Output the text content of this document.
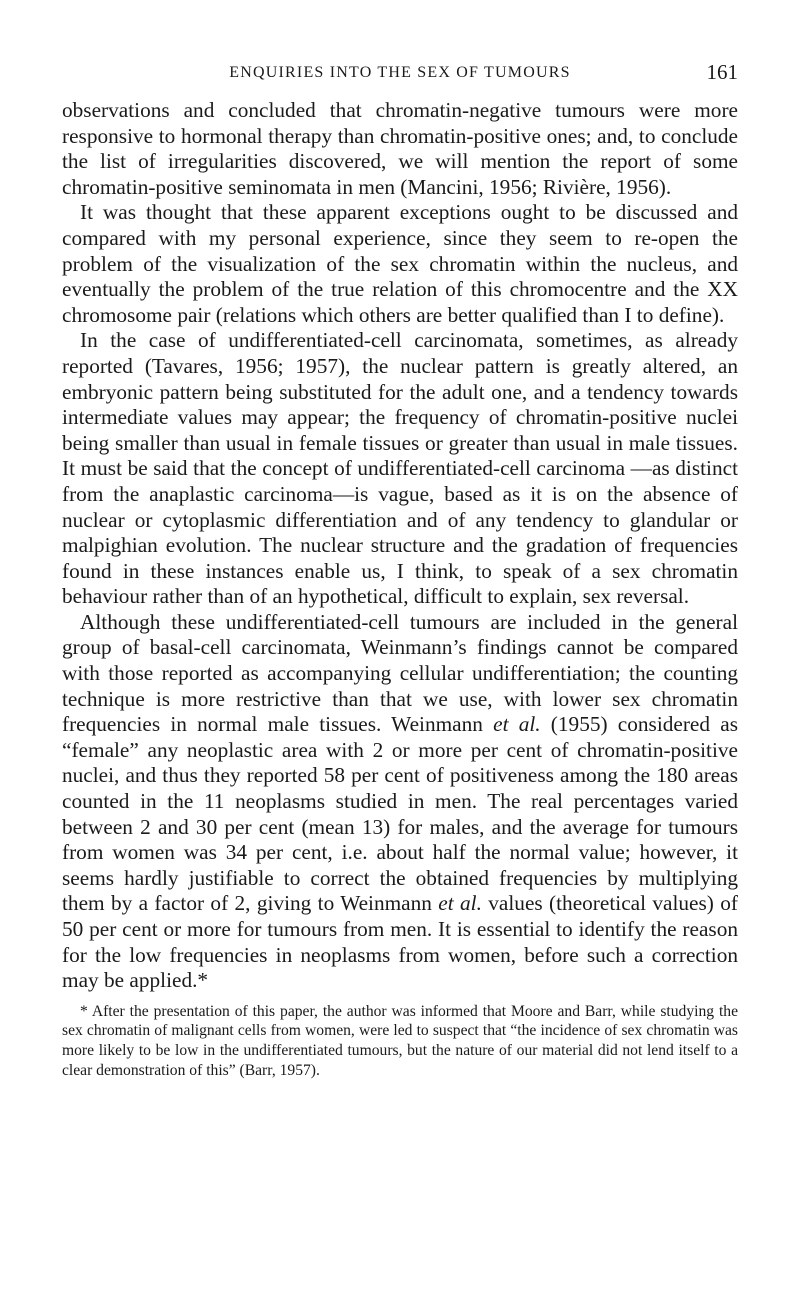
ENQUIRIES INTO THE SEX OF TUMOURS	161

observations and concluded that chromatin-negative tumours were more responsive to hormonal therapy than chromatin-positive ones; and, to conclude the list of irregularities discovered, we will mention the report of some chromatin-positive seminomata in men (Mancini, 1956; Rivière, 1956).

It was thought that these apparent exceptions ought to be discussed and compared with my personal experience, since they seem to re-open the problem of the visualization of the sex chromatin within the nucleus, and eventually the problem of the true relation of this chromocentre and the XX chromosome pair (relations which others are better qualified than I to define).

In the case of undifferentiated-cell carcinomata, sometimes, as already reported (Tavares, 1956; 1957), the nuclear pattern is greatly altered, an embryonic pattern being substituted for the adult one, and a tendency towards intermediate values may appear; the frequency of chromatin-positive nuclei being smaller than usual in female tissues or greater than usual in male tissues. It must be said that the concept of undifferentiated-cell carcinoma —as distinct from the anaplastic carcinoma—is vague, based as it is on the absence of nuclear or cytoplasmic differentiation and of any tendency to glandular or malpighian evolution. The nuclear structure and the gradation of frequencies found in these instances enable us, I think, to speak of a sex chromatin behaviour rather than of an hypothetical, difficult to explain, sex reversal.

Although these undifferentiated-cell tumours are included in the general group of basal-cell carcinomata, Weinmann’s findings cannot be compared with those reported as accompanying cellular undifferentiation; the counting technique is more restrictive than that we use, with lower sex chromatin frequencies in normal male tissues. Weinmann et al. (1955) considered as “female” any neoplastic area with 2 or more per cent of chromatin-positive nuclei, and thus they reported 58 per cent of positiveness among the 180 areas counted in the 11 neoplasms studied in men. The real percentages varied between 2 and 30 per cent (mean 13) for males, and the average for tumours from women was 34 per cent, i.e. about half the normal value; however, it seems hardly justifiable to correct the obtained frequencies by multiplying them by a factor of 2, giving to Weinmann et al. values (theoretical values) of 50 per cent or more for tumours from men. It is essential to identify the reason for the low frequencies in neoplasms from women, before such a correction may be applied.*

* After the presentation of this paper, the author was informed that Moore and Barr, while studying the sex chromatin of malignant cells from women, were led to suspect that “the incidence of sex chromatin was more likely to be low in the undifferentiated tumours, but the nature of our material did not lend itself to a clear demonstration of this” (Barr, 1957).
